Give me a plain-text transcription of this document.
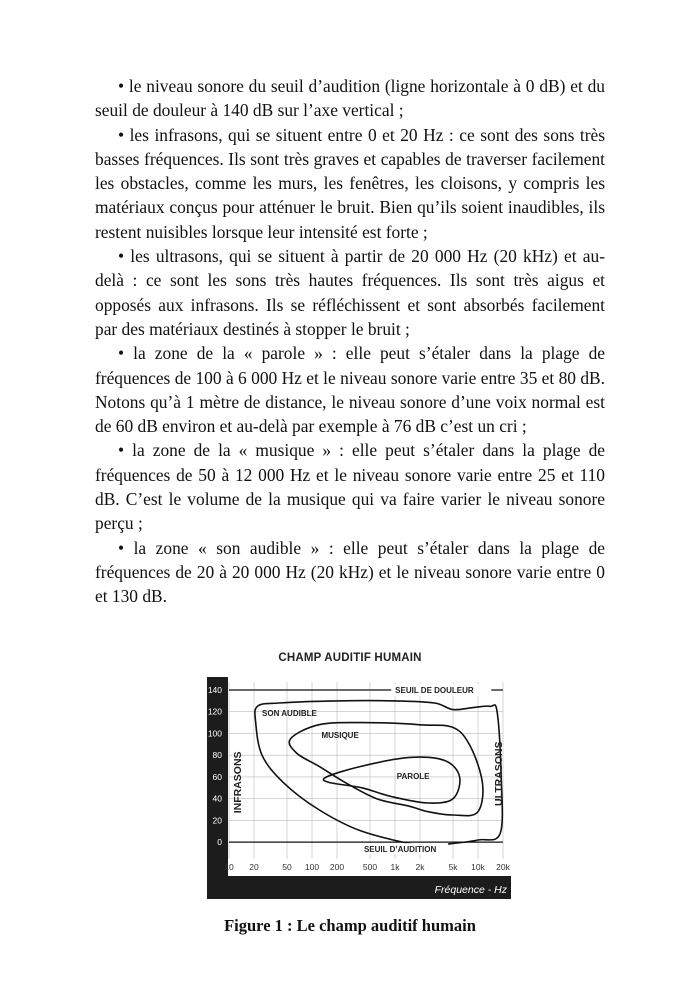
• le niveau sonore du seuil d’audition (ligne horizontale à 0 dB) et du seuil de douleur à 140 dB sur l’axe vertical ;

• les infrasons, qui se situent entre 0 et 20 Hz : ce sont des sons très basses fréquences. Ils sont très graves et capables de traverser facilement les obstacles, comme les murs, les fenêtres, les cloisons, y compris les matériaux conçus pour atténuer le bruit. Bien qu’ils soient inaudibles, ils restent nuisibles lorsque leur intensité est forte ;

• les ultrasons, qui se situent à partir de 20 000 Hz (20 kHz) et au-delà : ce sont les sons très hautes fréquences. Ils sont très aigus et opposés aux infrasons. Ils se réfléchissent et sont absorbés facilement par des matériaux destinés à stopper le bruit ;

• la zone de la « parole » : elle peut s’étaler dans la plage de fréquences de 100 à 6 000 Hz et le niveau sonore varie entre 35 et 80 dB. Notons qu’à 1 mètre de distance, le niveau sonore d’une voix normal est de 60 dB environ et au-delà par exemple à 76 dB c’est un cri ;

• la zone de la « musique » : elle peut s’étaler dans la plage de fréquences de 50 à 12 000 Hz et le niveau sonore varie entre 25 et 110 dB. C’est le volume de la musique qui va faire varier le niveau sonore perçu ;

• la zone « son audible » : elle peut s’étaler dans la plage de fréquences de 20 à 20 000 Hz (20 kHz) et le niveau sonore varie entre 0 et 130 dB.

CHAMP AUDITIF HUMAIN
10 20	50 100 200 500 1k 2k	5k 10k 20k
0
20
40
60
80
100
120
140
dB
Fréquence - Hz
SEUIL DE DOULEUR
SEUIL D’AUDITION
SON AUDIBLE
MUSIQUE
PAROLE
INFRASONS	ULTRASONS
Figure 1 : Le champ auditif humain
